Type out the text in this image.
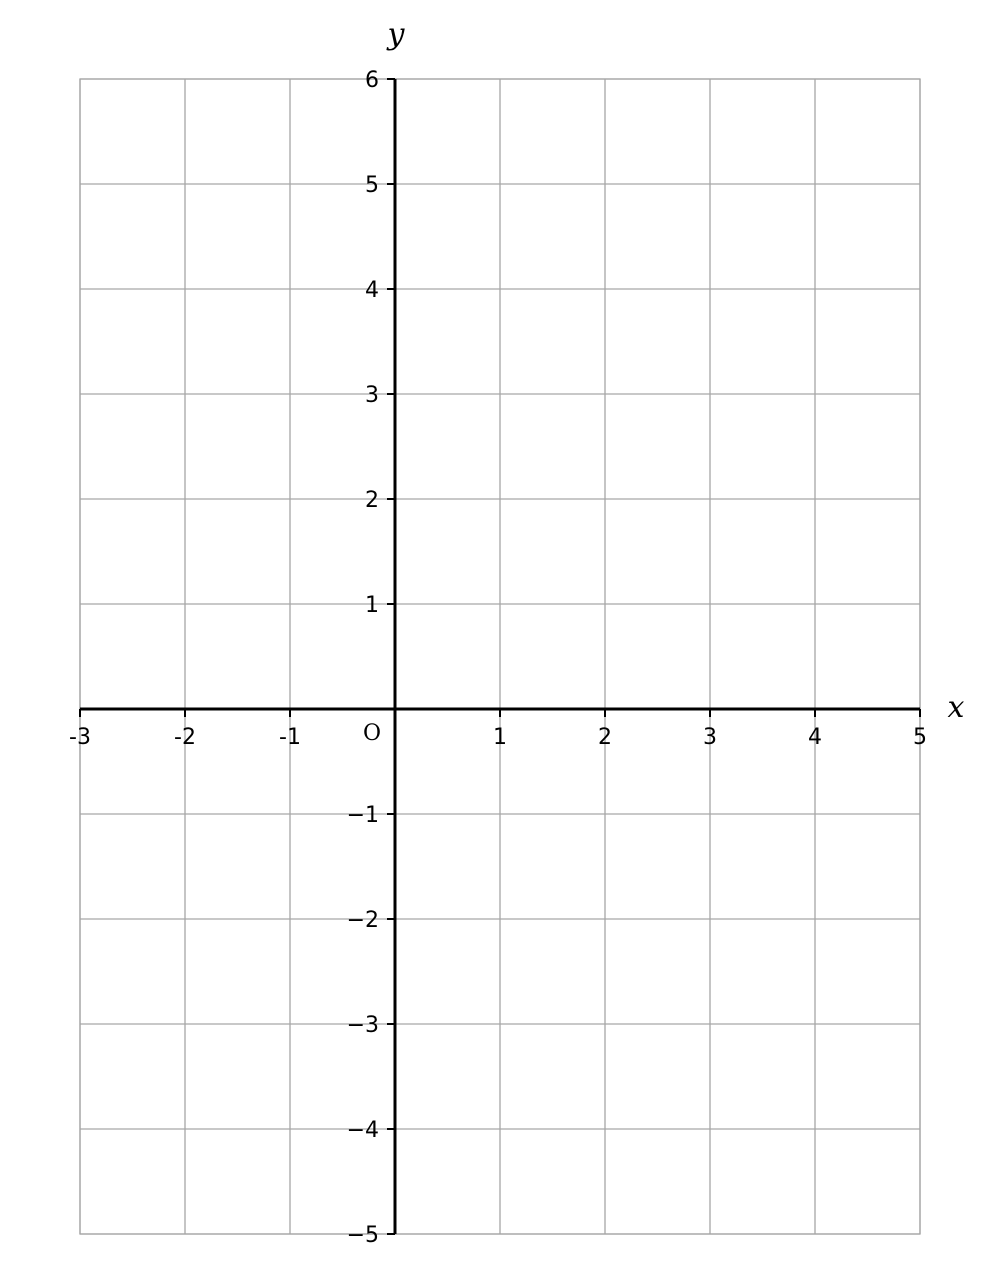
-3	-2	-1	1	2	3	4	5
6
5
4
3
2
1
−1
−2
−3
−4
−5
x
y
O
